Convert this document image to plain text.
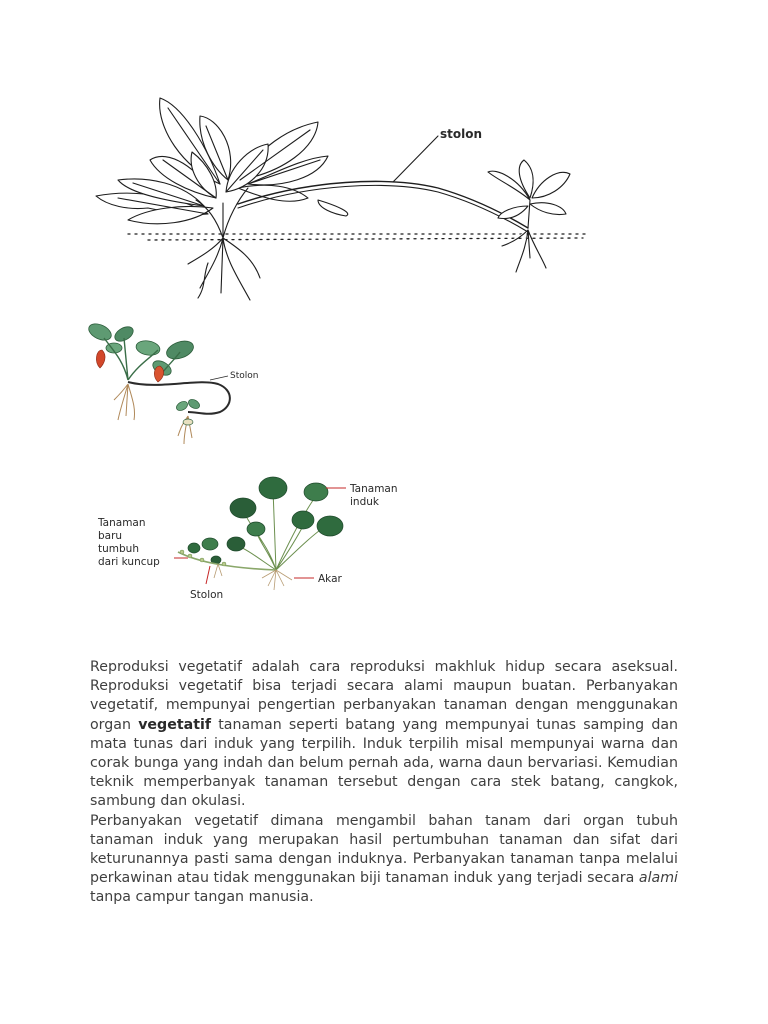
stolon
Stolon
Tanaman
baru
tumbuh
dari kuncup
Tanaman
induk
Akar
Stolon

Reproduksi vegetatif adalah cara reproduksi makhluk hidup secara aseksual. Reproduksi vegetatif bisa terjadi secara alami maupun buatan. Perbanyakan vegetatif, mempunyai pengertian perbanyakan tanaman dengan menggunakan organ vegetatif tanaman seperti batang yang mempunyai tunas samping dan mata tunas dari induk yang terpilih. Induk terpilih misal mempunyai warna dan corak bunga yang indah dan belum pernah ada, warna daun bervariasi. Kemudian teknik memperbanyak tanaman tersebut dengan cara stek batang, cangkok, sambung dan okulasi.

Perbanyakan vegetatif dimana mengambil bahan tanam dari organ tubuh tanaman induk yang merupakan hasil pertumbuhan tanaman dan sifat dari keturunannya pasti sama dengan induknya. Perbanyakan tanaman tanpa melalui perkawinan atau tidak menggunakan biji tanaman induk yang terjadi secara alami tanpa campur tangan manusia.
